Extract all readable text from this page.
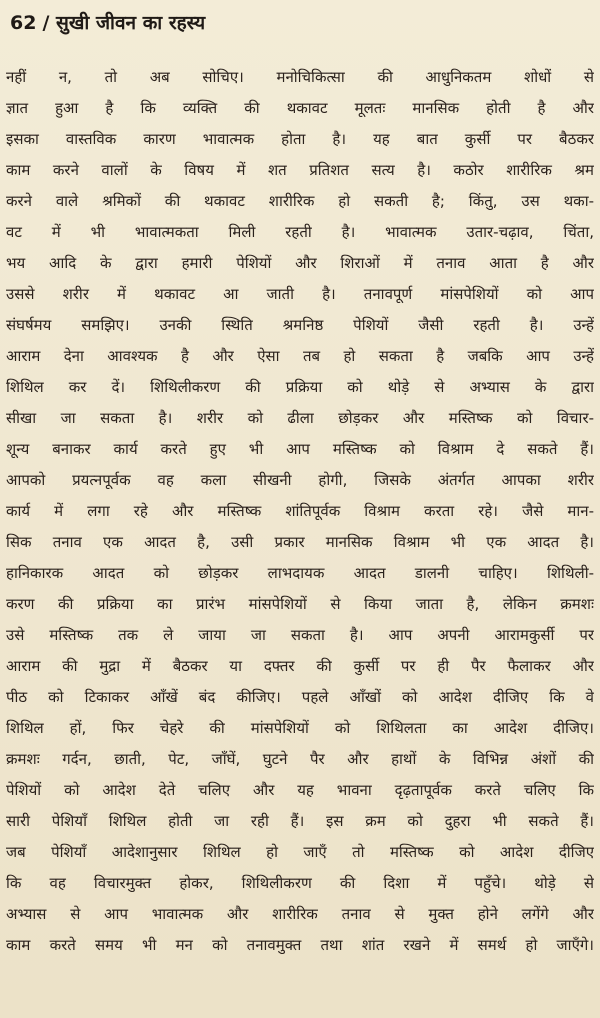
62 / सुखी जीवन का रहस्य
नहीं न, तो अब सोचिए। मनोचिकित्सा की आधुनिकतम शोधों से
ज्ञात हुआ है कि व्यक्ति की थकावट मूलतः मानसिक होती है और
इसका वास्तविक कारण भावात्मक होता है। यह बात कुर्सी पर बैठकर
काम करने वालों के विषय में शत प्रतिशत सत्य है। कठोर शारीरिक श्रम
करने वाले श्रमिकों की थकावट शारीरिक हो सकती है; किंतु, उस थका-
वट में भी भावात्मकता मिली रहती है। भावात्मक उतार-चढ़ाव, चिंता,
भय आदि के द्वारा हमारी पेशियों और शिराओं में तनाव आता है और
उससे शरीर में थकावट आ जाती है। तनावपूर्ण मांसपेशियों को आप
संघर्षमय समझिए। उनकी स्थिति श्रमनिष्ठ पेशियों जैसी रहती है। उन्हें
आराम देना आवश्यक है और ऐसा तब हो सकता है जबकि आप उन्हें
शिथिल कर दें। शिथिलीकरण की प्रक्रिया को थोड़े से अभ्यास के द्वारा
सीखा जा सकता है। शरीर को ढीला छोड़कर और मस्तिष्क को विचार-
शून्य बनाकर कार्य करते हुए भी आप मस्तिष्क को विश्राम दे सकते हैं।
आपको प्रयत्नपूर्वक वह कला सीखनी होगी, जिसके अंतर्गत आपका शरीर
कार्य में लगा रहे और मस्तिष्क शांतिपूर्वक विश्राम करता रहे। जैसे मान-
सिक तनाव एक आदत है, उसी प्रकार मानसिक विश्राम भी एक आदत है।
हानिकारक आदत को छोड़कर लाभदायक आदत डालनी चाहिए। शिथिली-
करण की प्रक्रिया का प्रारंभ मांसपेशियों से किया जाता है, लेकिन क्रमशः
उसे मस्तिष्क तक ले जाया जा सकता है। आप अपनी आरामकुर्सी पर
आराम की मुद्रा में बैठकर या दफ्तर की कुर्सी पर ही पैर फैलाकर और
पीठ को टिकाकर आँखें बंद कीजिए। पहले आँखों को आदेश दीजिए कि वे
शिथिल हों, फिर चेहरे की मांसपेशियों को शिथिलता का आदेश दीजिए।
क्रमशः गर्दन, छाती, पेट, जाँघें, घुटने पैर और हाथों के विभिन्न अंशों की
पेशियों को आदेश देते चलिए और यह भावना दृढ़तापूर्वक करते चलिए कि
सारी पेशियाँ शिथिल होती जा रही हैं। इस क्रम को दुहरा भी सकते हैं।
जब पेशियाँ आदेशानुसार शिथिल हो जाएँ तो मस्तिष्क को आदेश दीजिए
कि वह विचारमुक्त होकर, शिथिलीकरण की दिशा में पहुँचे। थोड़े से
अभ्यास से आप भावात्मक और शारीरिक तनाव से मुक्त होने लगेंगे और
काम करते समय भी मन को तनावमुक्त तथा शांत रखने में समर्थ हो जाएँगे।
